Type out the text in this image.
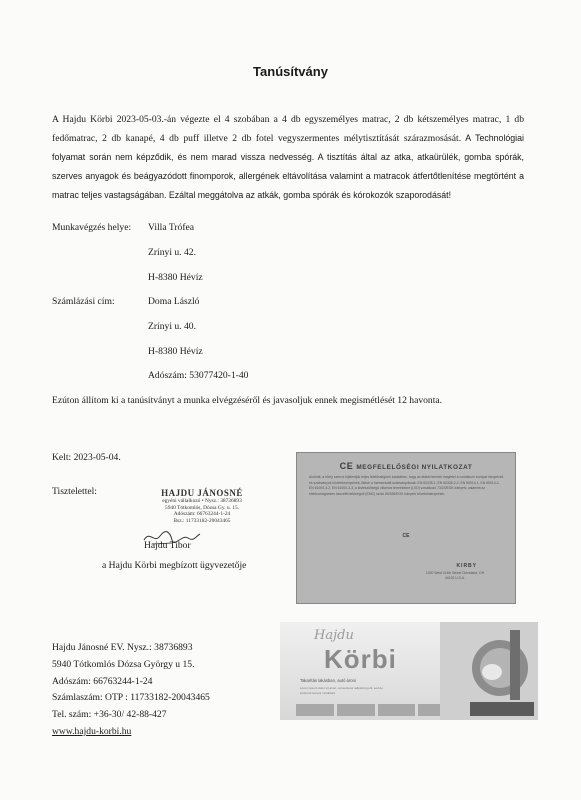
Tanúsítvány
A Hajdu Körbi 2023-05-03.-án végezte el 4 szobában a 4 db egyszemélyes matrac, 2 db kétszemélyes matrac, 1 db fedőmatrac, 2 db kanapé, 4 db puff illetve 2 db fotel vegyszermentes mélytisztítását szárazmosását. A Technológiai folyamat során nem képződik, és nem marad vissza nedvesség. A tisztítás által az atka, atkaürülék, gomba spórák, szerves anyagok és beágyazódott finomporok, allergének eltávolítása valamint a matracok átfertőtlenítése megtörtént a matrac teljes vastagságában. Ezáltal meggátolva az atkák, gomba spórák és kórokozók szaporodását!
Munkavégzés helye: Villa Trófea
Zrínyi u. 42.
H-8380 Hévíz
Számlázási cím:	Doma László
Zrínyi u. 40.
H-8380 Hévíz
Adószám: 53077420-1-40
Ezúton állítom ki a tanúsítványt a munka elvégzéséről és javasoljuk ennek megismétlését 12 havonta.
Kelt: 2023-05-04.
Tisztelettel:	HAJDU JÁNOSNÉ
egyéni vállalkozó • Nysz.: 38736893
5940 Tótkomlós, Dózsa Gy. u. 15.
Adószám: 66763244-1-24
Bsz.: 11733182-20043465
Hajdu Tibor
a Hajdu Körbi megbízott ügyvezetője
CE MEGFELELŐSÉGI NYILATKOZAT
Alulírott, a Kirby szerviz kijelentjük teljes felelősségünk tudatában, hogy az alábbi termék megfelel a vonatkozó európai irányelvek és szabványok követelményeinek, illetve a harmonizált szabványoknak: EN 60335-1, EN 60335-2-2, EN 55014-1, EN 55014-2, EN 61000-3-2, EN 61000-3-3, a kisfeszültségű villamos termékekre (LVD) vonatkozó 73/23/EGK irányelv, valamint az elektromágneses összeférhetőségről (EMC) szóló 89/336/EGK irányelv követelményeinek.
CE
KIRBY
1920 West 114th Street Cleveland, OH 44102 U.S.A.
Hajdu Jánosné EV. Nysz.: 38736893
5940 Tótkomlós Dózsa György u 15.
Adószám: 66763244-1-24
Számlaszám: OTP : 11733182-20043465
Tel. szám: +36-30/ 42-88-427
www.hajdu-korbi.hu
Hajdu
Körbi
Takarítás lakásban, autó ároni
Lorem ipsum dolor sit amet, consectetur adipiscing elit, sed do eiusmod tempor incididunt.
